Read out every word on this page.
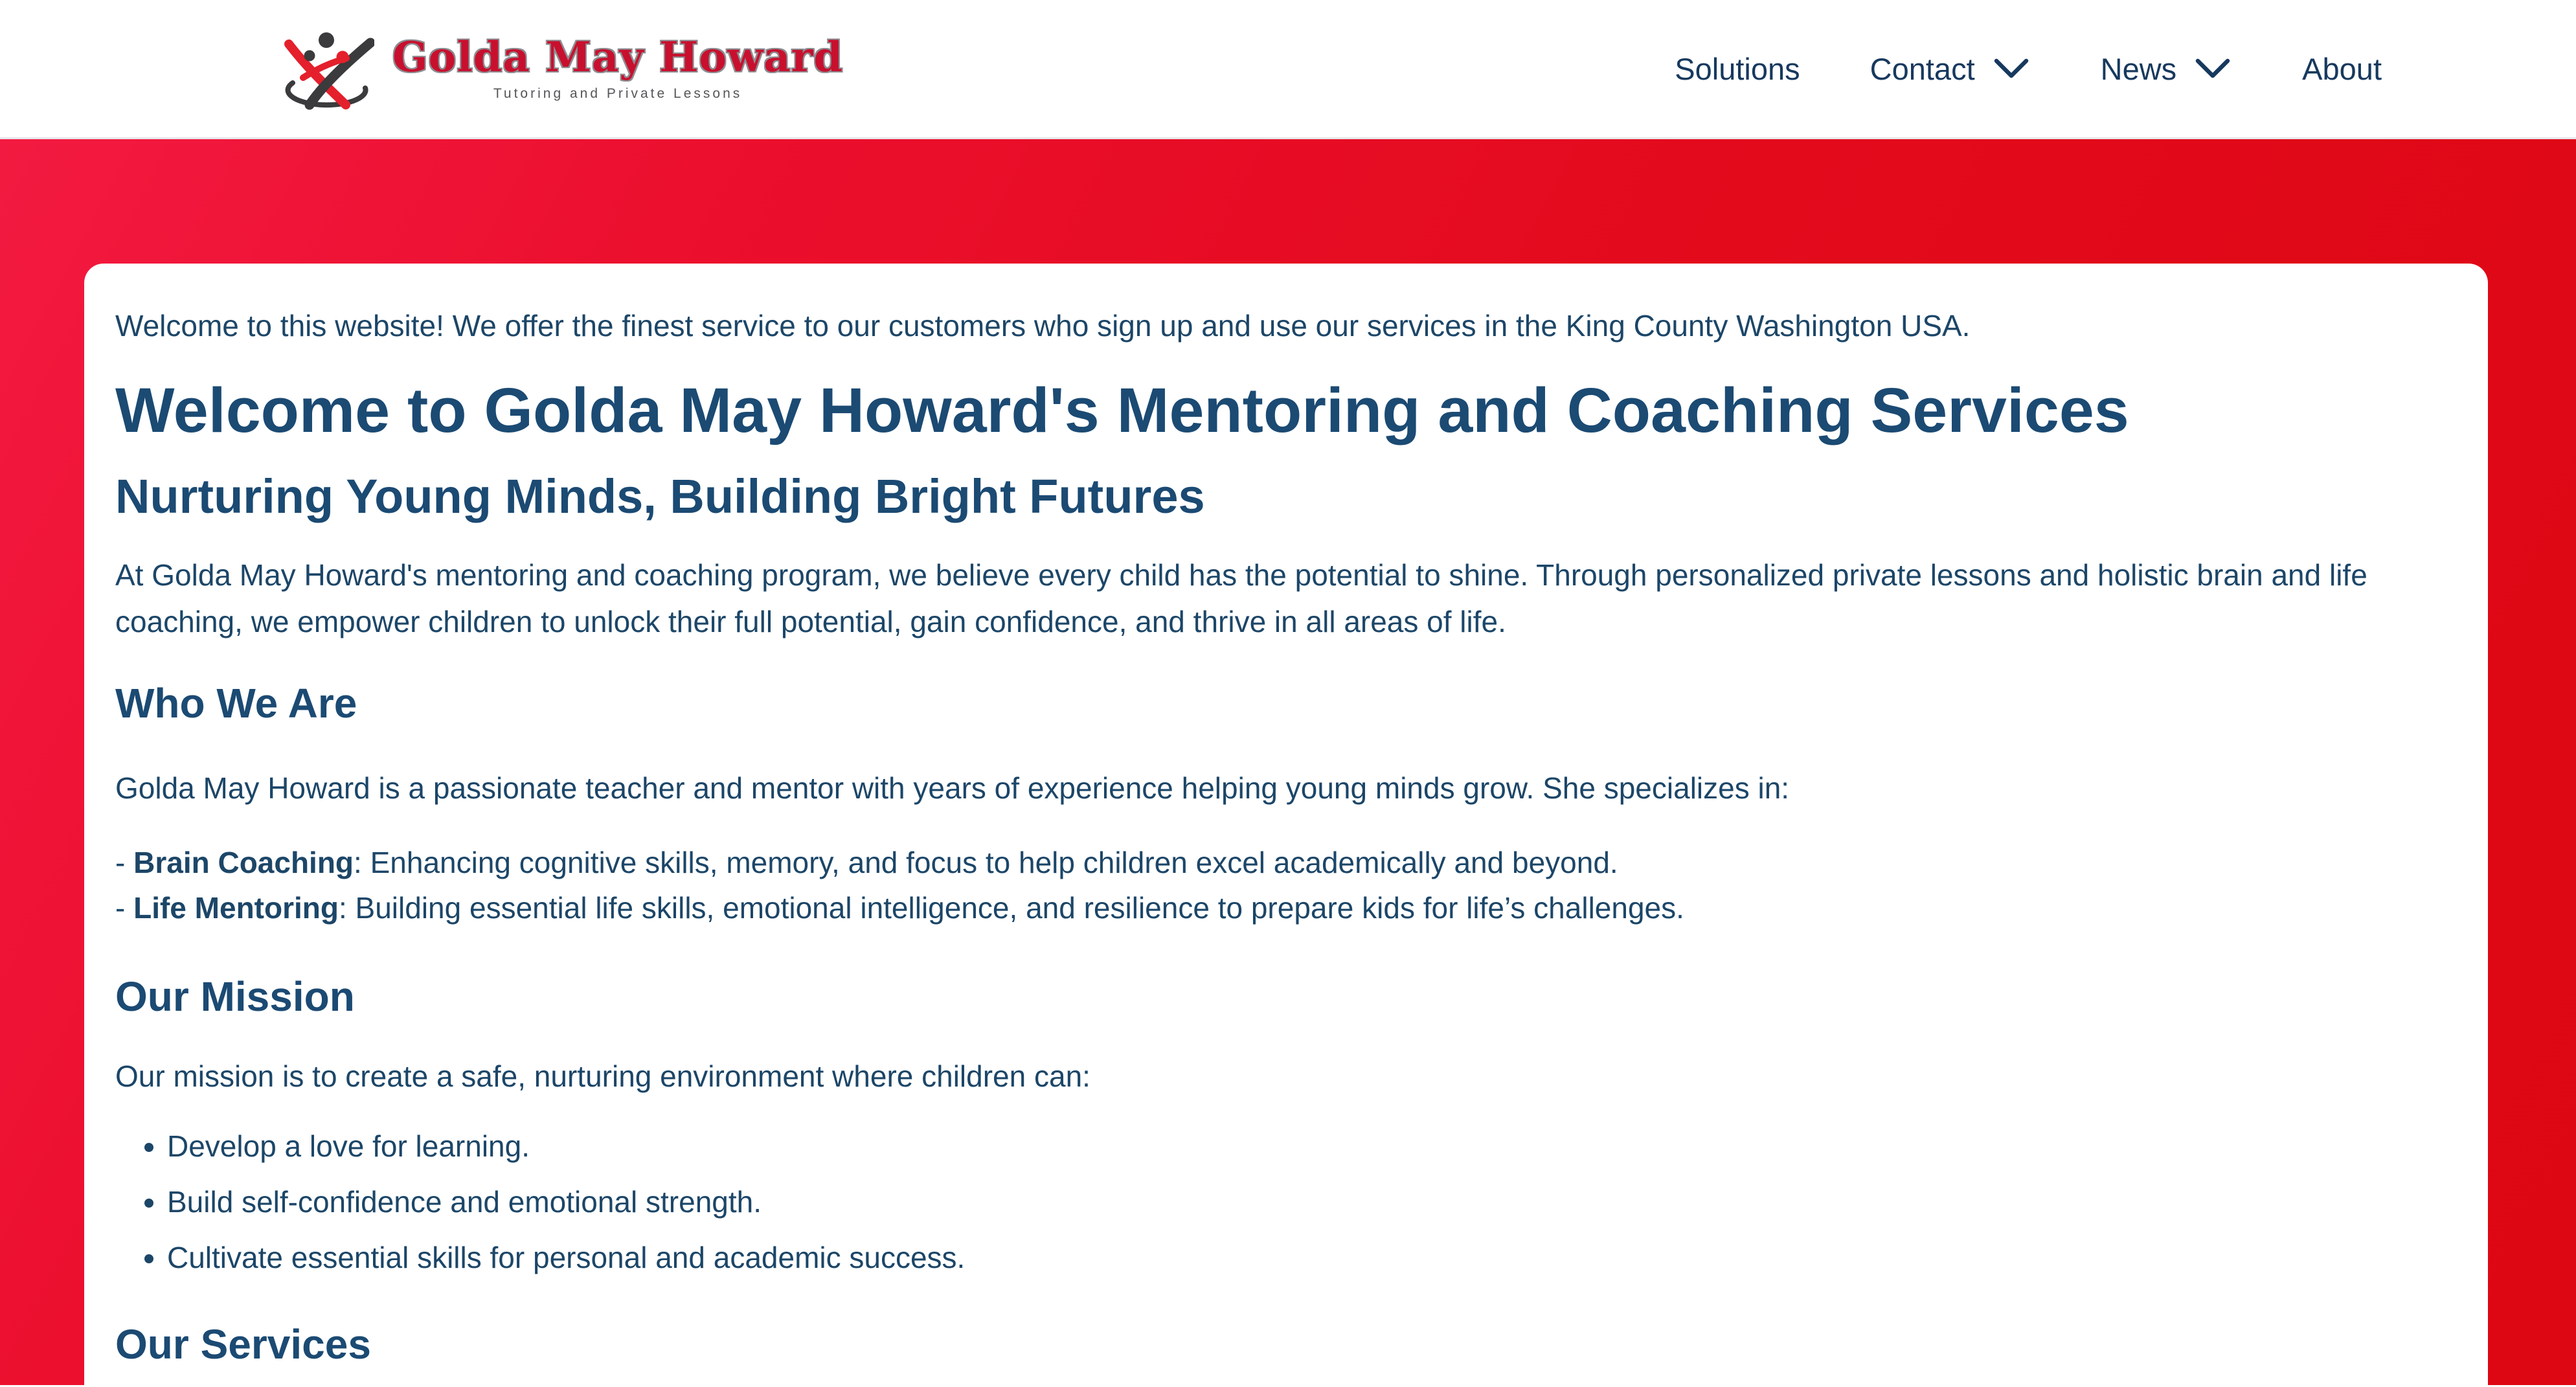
Golda May Howard
Tutoring and Private Lessons
Solutions Contact	News	About

Welcome to this website! We offer the finest service to our customers who sign up and use our services in the King County Washington USA.

Welcome to Golda May Howard's Mentoring and Coaching Services
Nurturing Young Minds, Building Bright Futures

At Golda May Howard's mentoring and coaching program, we believe every child has the potential to shine. Through personalized private lessons and holistic brain and life coaching, we empower children to unlock their full potential, gain confidence, and thrive in all areas of life.

Who We Are

Golda May Howard is a passionate teacher and mentor with years of experience helping young minds grow. She specializes in:

- Brain Coaching: Enhancing cognitive skills, memory, and focus to help children excel academically and beyond.
- Life Mentoring: Building essential life skills, emotional intelligence, and resilience to prepare kids for life’s challenges.
Our Mission

Our mission is to create a safe, nurturing environment where children can:

• Develop a love for learning.
• Build self-confidence and emotional strength.
• Cultivate essential skills for personal and academic success.
Our Services
